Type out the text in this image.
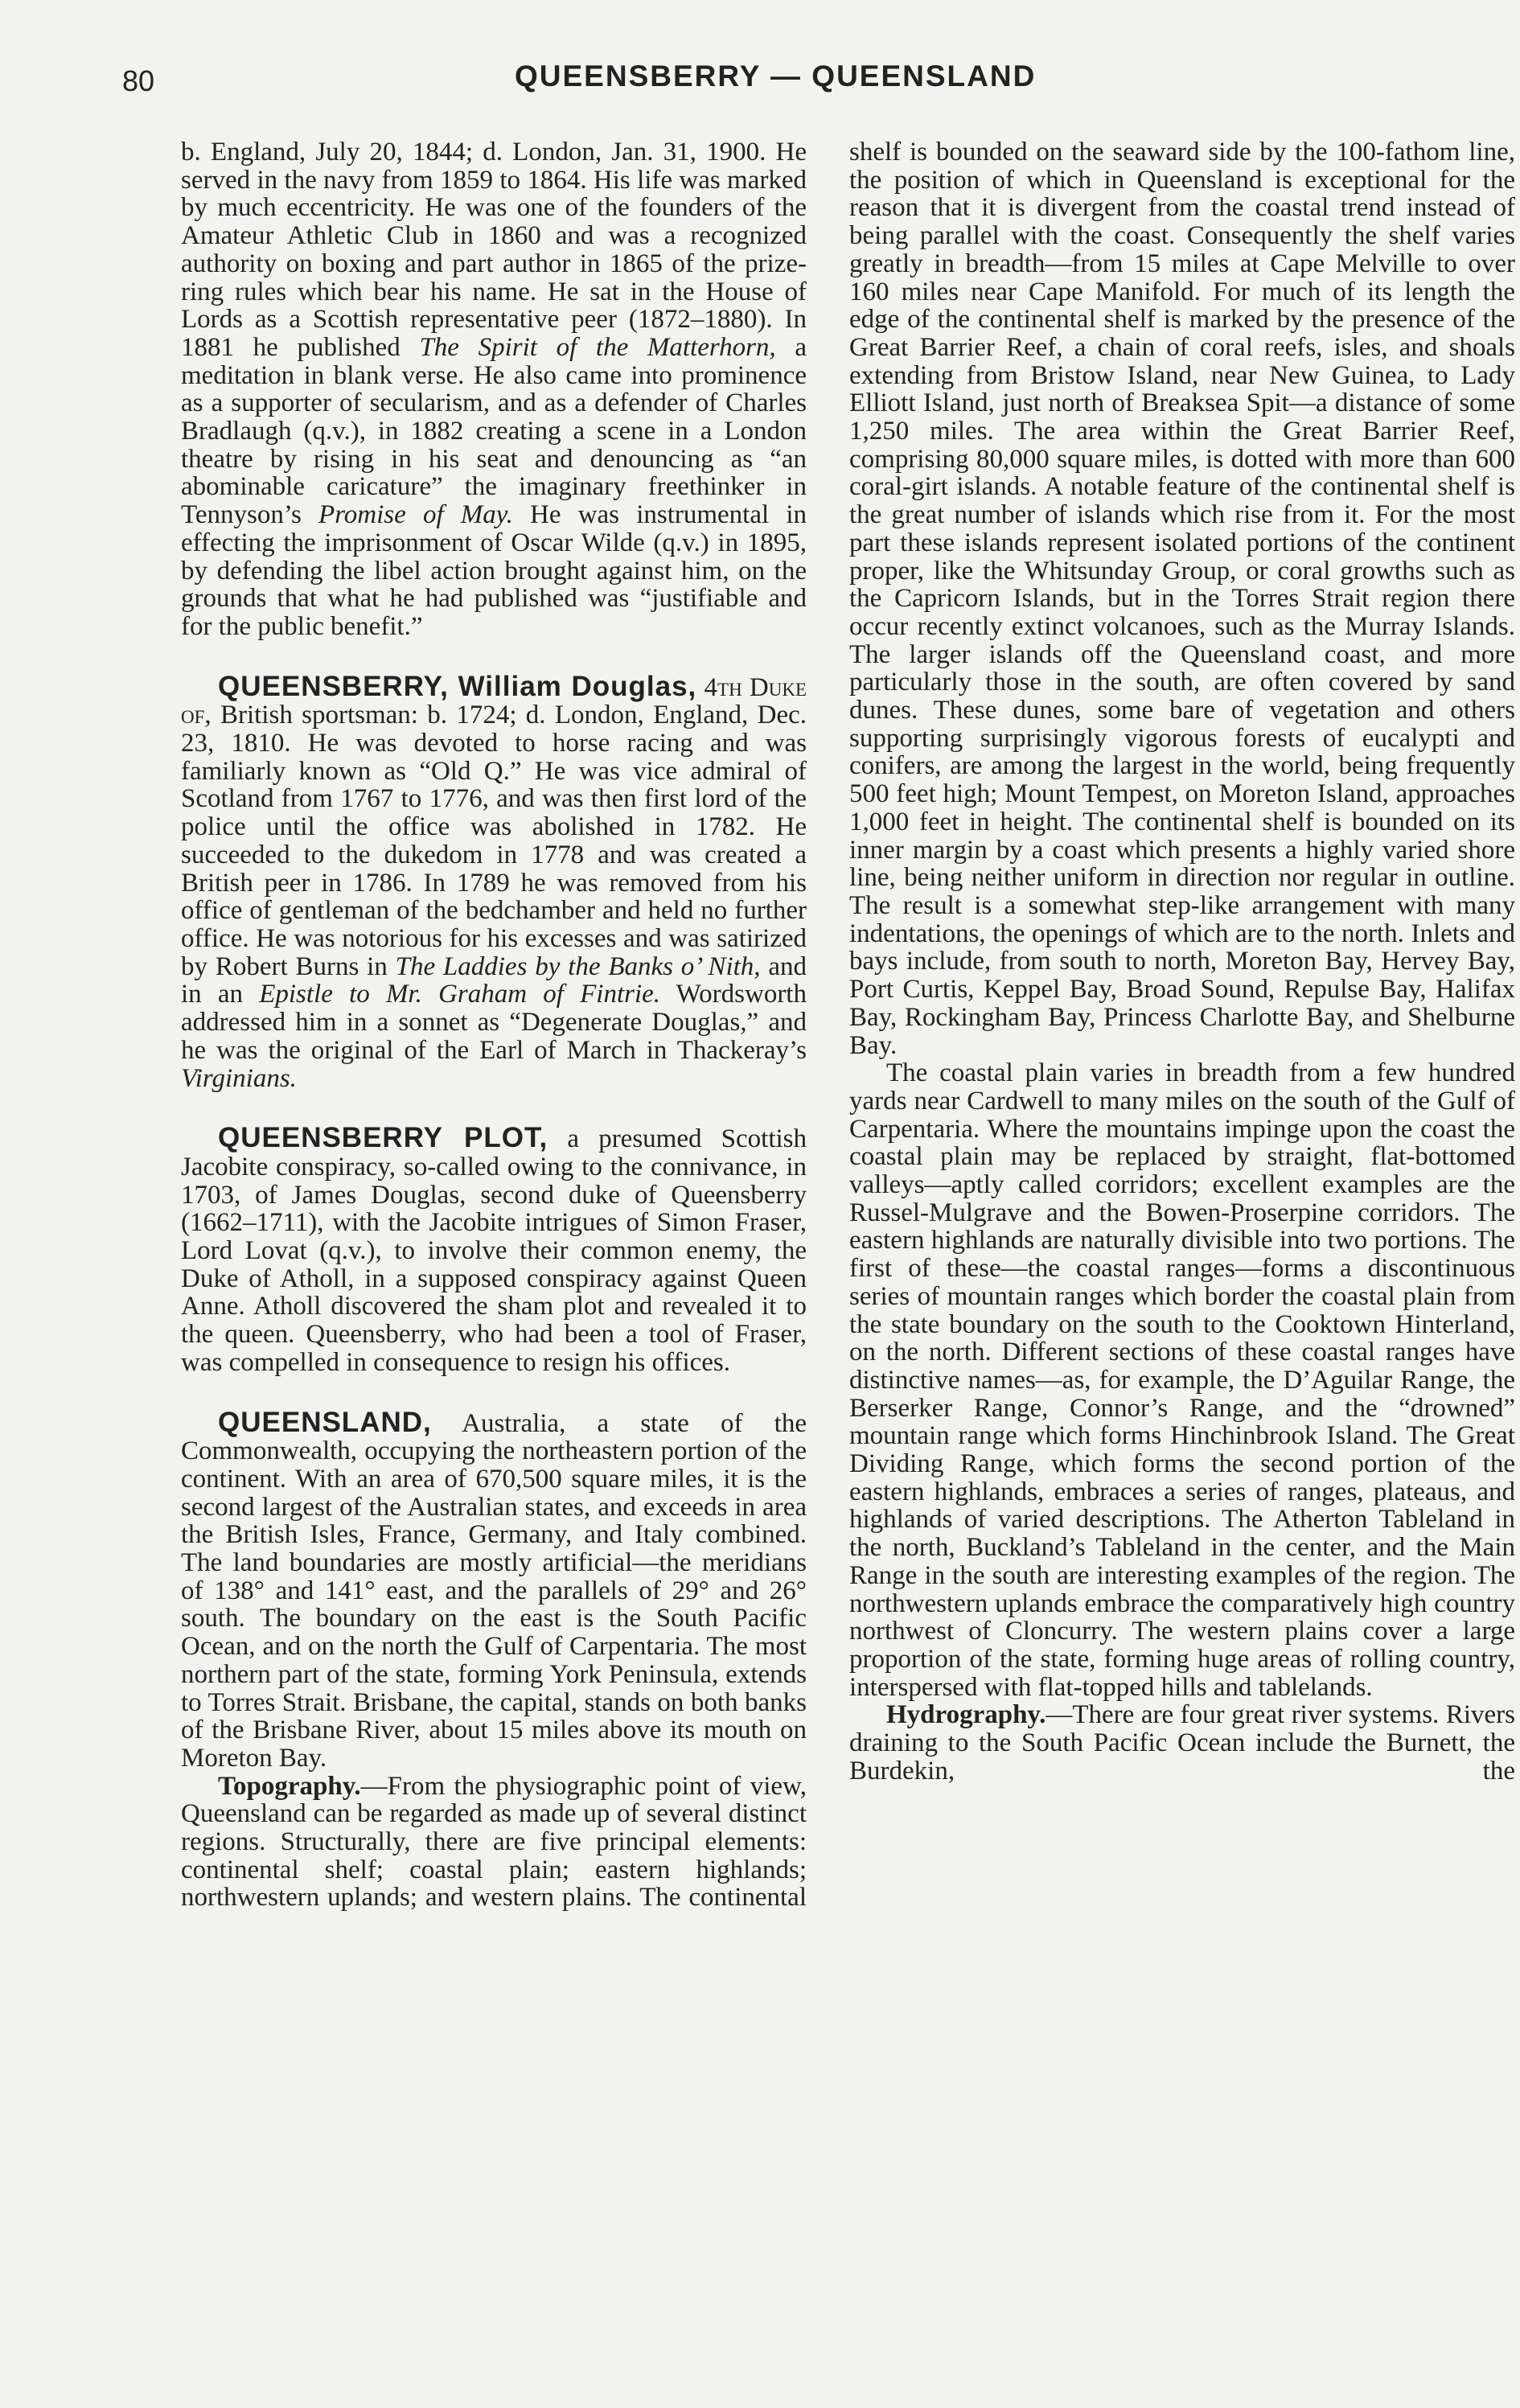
80	QUEENSBERRY — QUEENSLAND

b. England, July 20, 1844; d. London, Jan. 31, 1900. He served in the navy from 1859 to 1864. His life was marked by much eccentricity. He was one of the founders of the Amateur Athletic Club in 1860 and was a recognized authority on boxing and part author in 1865 of the prize-ring rules which bear his name. He sat in the House of Lords as a Scottish representative peer (1872–1880). In 1881 he published The Spirit of the Matterhorn, a meditation in blank verse. He also came into prominence as a supporter of secularism, and as a defender of Charles Bradlaugh (q.v.), in 1882 creating a scene in a London theatre by rising in his seat and denouncing as “an abominable caricature” the imaginary freethinker in Tennyson’s Promise of May. He was instrumental in effecting the imprisonment of Oscar Wilde (q.v.) in 1895, by defending the libel action brought against him, on the grounds that what he had published was “justifiable and for the public benefit.”

QUEENSBERRY, William Douglas, 4th Duke of, British sportsman: b. 1724; d. London, England, Dec. 23, 1810. He was devoted to horse racing and was familiarly known as “Old Q.” He was vice admiral of Scotland from 1767 to 1776, and was then first lord of the police until the office was abolished in 1782. He succeeded to the dukedom in 1778 and was created a British peer in 1786. In 1789 he was removed from his office of gentleman of the bedchamber and held no further office. He was notorious for his excesses and was satirized by Robert Burns in The Laddies by the Banks o’ Nith, and in an Epistle to Mr. Graham of Fintrie. Wordsworth addressed him in a sonnet as “Degenerate Douglas,” and he was the original of the Earl of March in Thackeray’s Virginians.

QUEENSBERRY PLOT, a presumed Scottish Jacobite conspiracy, so-called owing to the connivance, in 1703, of James Douglas, second duke of Queensberry (1662–1711), with the Jacobite intrigues of Simon Fraser, Lord Lovat (q.v.), to involve their common enemy, the Duke of Atholl, in a supposed conspiracy against Queen Anne. Atholl discovered the sham plot and revealed it to the queen. Queensberry, who had been a tool of Fraser, was compelled in consequence to resign his offices.

QUEENSLAND, Australia, a state of the Commonwealth, occupying the northeastern portion of the continent. With an area of 670,500 square miles, it is the second largest of the Australian states, and exceeds in area the British Isles, France, Germany, and Italy combined. The land boundaries are mostly artificial—the meridians of 138° and 141° east, and the parallels of 29° and 26° south. The boundary on the east is the South Pacific Ocean, and on the north the Gulf of Carpentaria. The most northern part of the state, forming York Peninsula, extends to Torres Strait. Brisbane, the capital, stands on both banks of the Brisbane River, about 15 miles above its mouth on Moreton Bay.

Topography.—From the physiographic point of view, Queensland can be regarded as made up of several distinct regions. Structurally, there are five principal elements: continental shelf; coastal plain; eastern highlands; northwestern uplands; and western plains. The continental

shelf is bounded on the seaward side by the 100-fathom line, the position of which in Queensland is exceptional for the reason that it is divergent from the coastal trend instead of being parallel with the coast. Consequently the shelf varies greatly in breadth—from 15 miles at Cape Melville to over 160 miles near Cape Manifold. For much of its length the edge of the continental shelf is marked by the presence of the Great Barrier Reef, a chain of coral reefs, isles, and shoals extending from Bristow Island, near New Guinea, to Lady Elliott Island, just north of Breaksea Spit—a distance of some 1,250 miles. The area within the Great Barrier Reef, comprising 80,000 square miles, is dotted with more than 600 coral-girt islands. A notable feature of the continental shelf is the great number of islands which rise from it. For the most part these islands represent isolated portions of the continent proper, like the Whitsunday Group, or coral growths such as the Capricorn Islands, but in the Torres Strait region there occur recently extinct volcanoes, such as the Murray Islands. The larger islands off the Queensland coast, and more particularly those in the south, are often covered by sand dunes. These dunes, some bare of vegetation and others supporting surprisingly vigorous forests of eucalypti and conifers, are among the largest in the world, being frequently 500 feet high; Mount Tempest, on Moreton Island, approaches 1,000 feet in height. The continental shelf is bounded on its inner margin by a coast which presents a highly varied shore line, being neither uniform in direction nor regular in outline. The result is a somewhat step-like arrangement with many indentations, the openings of which are to the north. Inlets and bays include, from south to north, Moreton Bay, Hervey Bay, Port Curtis, Keppel Bay, Broad Sound, Repulse Bay, Halifax Bay, Rockingham Bay, Princess Charlotte Bay, and Shelburne Bay.

The coastal plain varies in breadth from a few hundred yards near Cardwell to many miles on the south of the Gulf of Carpentaria. Where the mountains impinge upon the coast the coastal plain may be replaced by straight, flat-bottomed valleys—aptly called corridors; excellent examples are the Russel-Mulgrave and the Bowen-Proserpine corridors. The eastern highlands are naturally divisible into two portions. The first of these—the coastal ranges—forms a discontinuous series of mountain ranges which border the coastal plain from the state boundary on the south to the Cooktown Hinterland, on the north. Different sections of these coastal ranges have distinctive names—as, for example, the D’Aguilar Range, the Berserker Range, Connor’s Range, and the “drowned” mountain range which forms Hinchinbrook Island. The Great Dividing Range, which forms the second portion of the eastern highlands, embraces a series of ranges, plateaus, and highlands of varied descriptions. The Atherton Tableland in the north, Buckland’s Tableland in the center, and the Main Range in the south are interesting examples of the region. The northwestern uplands embrace the comparatively high country northwest of Cloncurry. The western plains cover a large proportion of the state, forming huge areas of rolling country, interspersed with flat-topped hills and tablelands.

Hydrography.—There are four great river systems. Rivers draining to the South Pacific Ocean include the Burnett, the Burdekin, the
